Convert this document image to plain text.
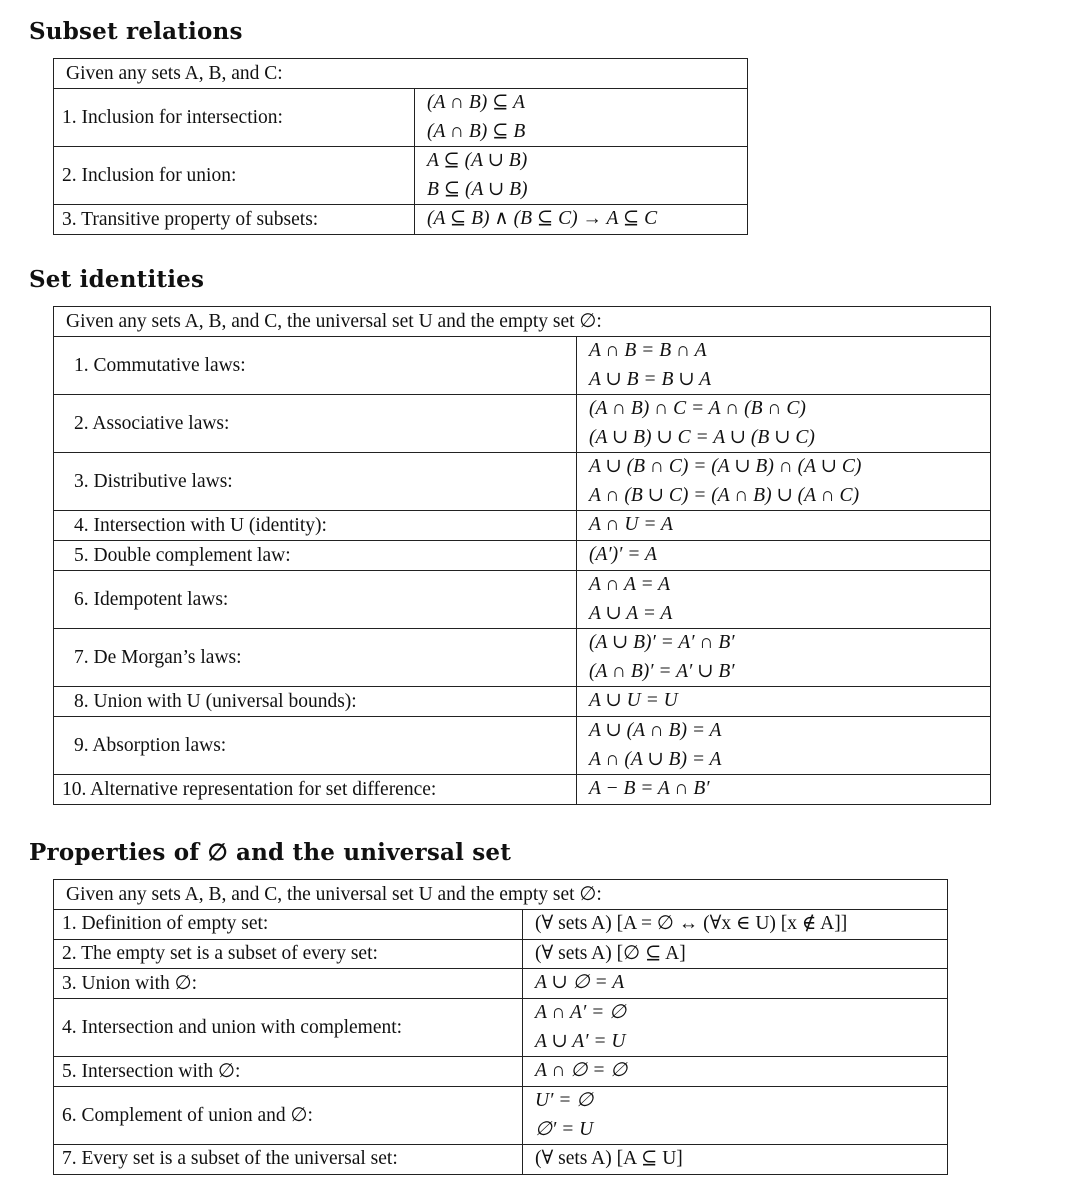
Subset relations
Given any sets A, B, and C:	
1. Inclusion for intersection:	(A ∩ B) ⊆ A
(A ∩ B) ⊆ B

2. Inclusion for union:	A ⊆ (A ∪ B)
B ⊆ (A ∪ B)

3. Transitive property of subsets:	(A ⊆ B) ∧ (B ⊆ C) → A ⊆ C
Set identities
Given any sets A, B, and C, the universal set U and the empty set ∅:	
1. Commutative laws:	A ∩ B = B ∩ A
A ∪ B = B ∪ A

2. Associative laws:	(A ∩ B) ∩ C = A ∩ (B ∩ C)
(A ∪ B) ∪ C = A ∪ (B ∪ C)

3. Distributive laws:	A ∪ (B ∩ C) = (A ∪ B) ∩ (A ∪ C)
A ∩ (B ∪ C) = (A ∩ B) ∪ (A ∩ C)

4. Intersection with U (identity):	A ∩ U = A

5. Double complement law:	(A′)′ = A

6. Idempotent laws:	A ∩ A = A
A ∪ A = A

7. De Morgan’s laws:	(A ∪ B)′ = A′ ∩ B′
(A ∩ B)′ = A′ ∪ B′

8. Union with U (universal bounds):	A ∪ U = U

9. Absorption laws:	A ∪ (A ∩ B) = A
A ∩ (A ∪ B) = A

10. Alternative representation for set difference:	A − B = A ∩ B′
Properties of ∅ and the universal set
Given any sets A, B, and C, the universal set U and the empty set ∅:	
1. Definition of empty set:	(∀ sets A) [A = ∅ ↔ (∀x ∈ U) [x ∉ A]]

2. The empty set is a subset of every set:	(∀ sets A) [∅ ⊆ A]

3. Union with ∅:	A ∪ ∅ = A

4. Intersection and union with complement:	A ∩ A′ = ∅
A ∪ A′ = U

5. Intersection with ∅:	A ∩ ∅ = ∅

6. Complement of union and ∅:	U′ = ∅
∅′ = U

7. Every set is a subset of the universal set:	(∀ sets A) [A ⊆ U]
